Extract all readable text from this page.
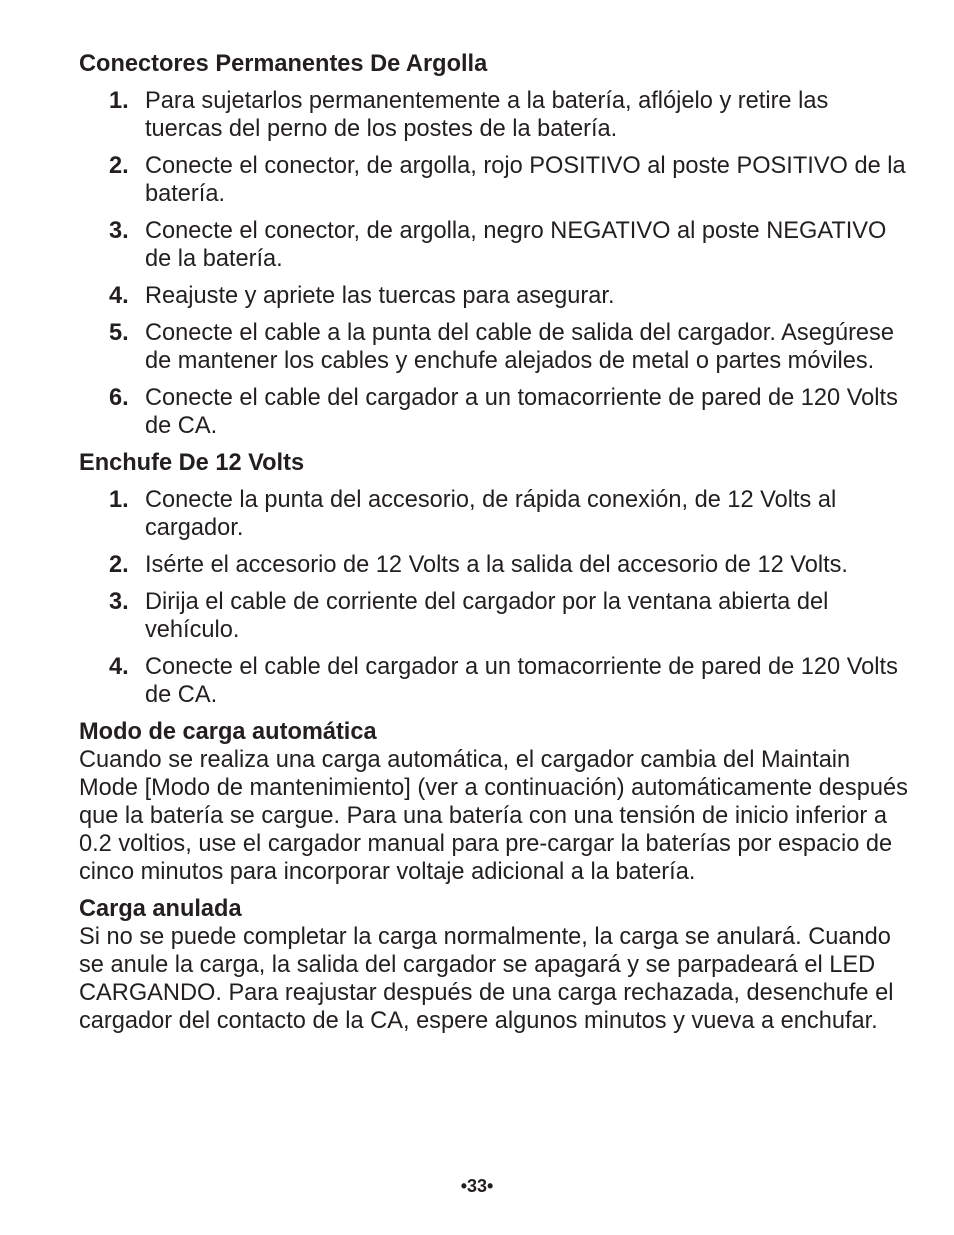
Conectores Permanentes De Argolla

1. Para sujetarlos permanentemente a la batería, aflójelo y retire las tuercas del perno de los postes de la batería.
2. Conecte el conector, de argolla, rojo POSITIVO al poste POSITIVO de la batería.
3. Conecte el conector, de argolla, negro NEGATIVO al poste NEGATIVO de la batería.
4. Reajuste y apriete las tuercas para asegurar.
5. Conecte el cable a la punta del cable de salida del cargador. Asegúrese de mantener los cables y enchufe alejados de metal o partes móviles.
6. Conecte el cable del cargador a un tomacorriente de pared de 120 Volts de CA.

Enchufe De 12 Volts

1. Conecte la punta del accesorio, de rápida conexión, de 12 Volts al cargador.
2. Isérte el accesorio de 12 Volts a la salida del accesorio de 12 Volts.
3. Dirija el cable de corriente del cargador por la ventana abierta del vehículo.
4. Conecte el cable del cargador a un tomacorriente de pared de 120 Volts de CA.

Modo de carga automática

Cuando se realiza una carga automática, el cargador cambia del Maintain Mode [Modo de mantenimiento] (ver a continuación) automáticamente después que la batería se cargue. Para una batería con una tensión de inicio inferior a 0.2 voltios, use el cargador manual para pre-cargar la baterías por espacio de cinco minutos para incorporar voltaje adicional a la batería.

Carga anulada

Si no se puede completar la carga normalmente, la carga se anulará. Cuando se anule la carga, la salida del cargador se apagará y se parpadeará el LED CARGANDO. Para reajustar después de una carga rechazada, desenchufe el cargador del contacto de la CA, espere algunos minutos y vueva a enchufar.

•33•
